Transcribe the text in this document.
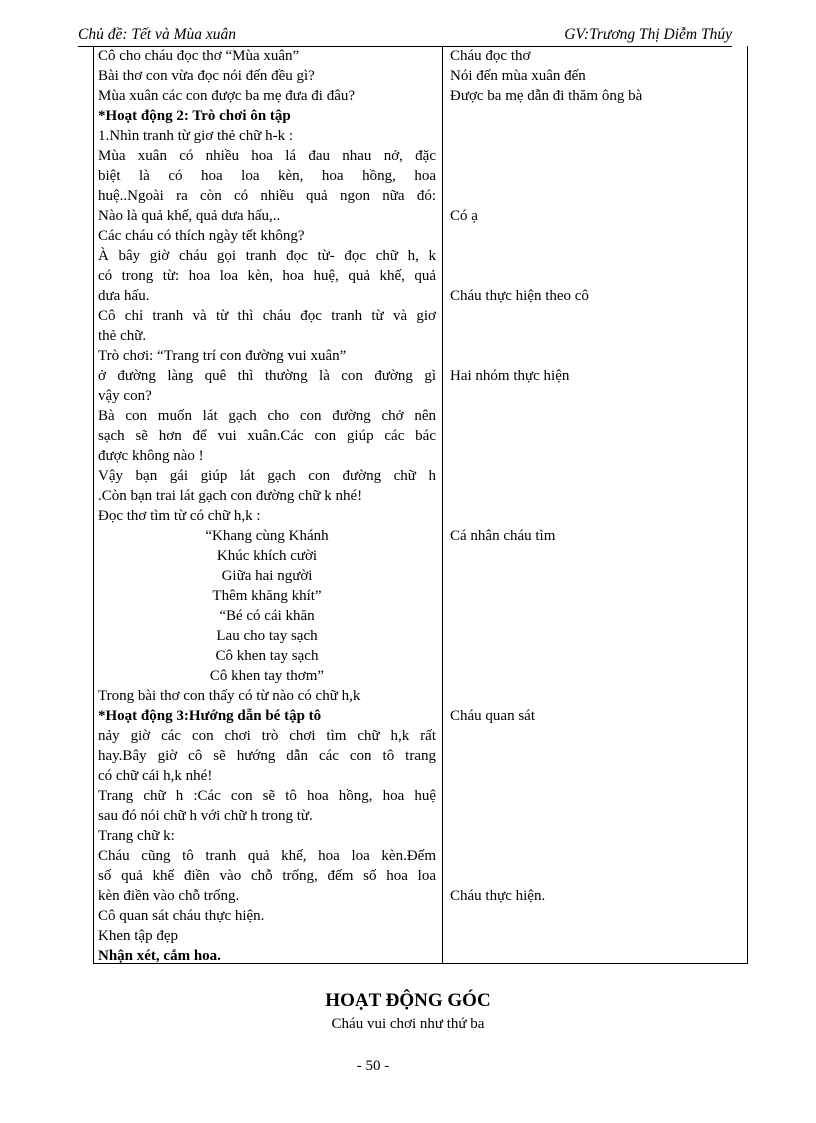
Chủ đề: Tết và Mùa xuân	GV:Trương Thị Diễm Thúy
Cô cho cháu đọc thơ “Mùa xuân”
Bài thơ con vừa đọc nói đến đều gì?
Mùa xuân các con được ba mẹ đưa đi đâu?
*Hoạt động 2: Trò chơi ôn tập
1.Nhìn tranh từ giơ thẻ chữ h-k :
Mùa xuân có nhiều hoa lá đau nhau nở, đặc
biệt là có hoa loa kèn, hoa hồng, hoa
huệ..Ngoài ra còn có nhiều quả ngon nữa đó:
Nào là quả khế, quả dưa hấu,..
Các cháu có thích ngày tết không?
À bây giờ cháu gọi tranh đọc từ- đọc chữ h, k
có trong từ: hoa loa kèn, hoa huệ, quả khế, quả
dưa hấu.
Cô chỉ tranh và từ thì cháu đọc tranh từ và giơ
thẻ chữ.
Trò chơi: “Trang trí con đường vui xuân”
ở đường làng quê thì thường là con đường gì
vậy con?
Bà con muốn lát gạch cho con đường chở nên
sạch sẽ hơn để vui xuân.Các con giúp các bác
được không nào !
Vậy bạn gái giúp lát gạch con đường chữ h
.Còn bạn trai lát gạch con đường chữ k nhé!
Đọc thơ tìm từ có chữ h,k :
“Khang cùng Khánh
Khúc khích cười
Giữa hai người
Thêm khăng khít”
“Bé có cái khăn
Lau cho tay sạch
Cô khen tay sạch
Cô khen tay thơm”
Trong bài thơ con thấy có từ nào có chữ h,k
*Hoạt động 3:Hướng dẫn bé tập tô
nảy giờ các con chơi trò chơi tìm chữ h,k rất
hay.Bây giờ cô sẽ hướng dẫn các con tô trang
có chữ cái h,k nhé!
Trang chữ h :Các con sẽ tô hoa hồng, hoa huệ
sau đó nói chữ h với chữ h trong từ.
Trang chữ k:
Cháu cũng tô tranh quả khế, hoa loa kèn.Đếm
số quả khế điền vào chỗ trống, đếm số hoa loa
kèn điền vào chỗ trống.
Cô quan sát cháu thực hiện.
Khen tập đẹp
Nhận xét, cắm hoa.
Cháu đọc thơ
Nói đến mùa xuân đến
Được ba mẹ dẫn đi thăm ông bà
Có ạ
Cháu thực hiện theo cô
Hai nhóm thực hiện
Cá nhân cháu tìm
Cháu quan sát
Cháu thực hiện.
HOẠT ĐỘNG GÓC
Cháu vui chơi như thứ ba
- 50 -
